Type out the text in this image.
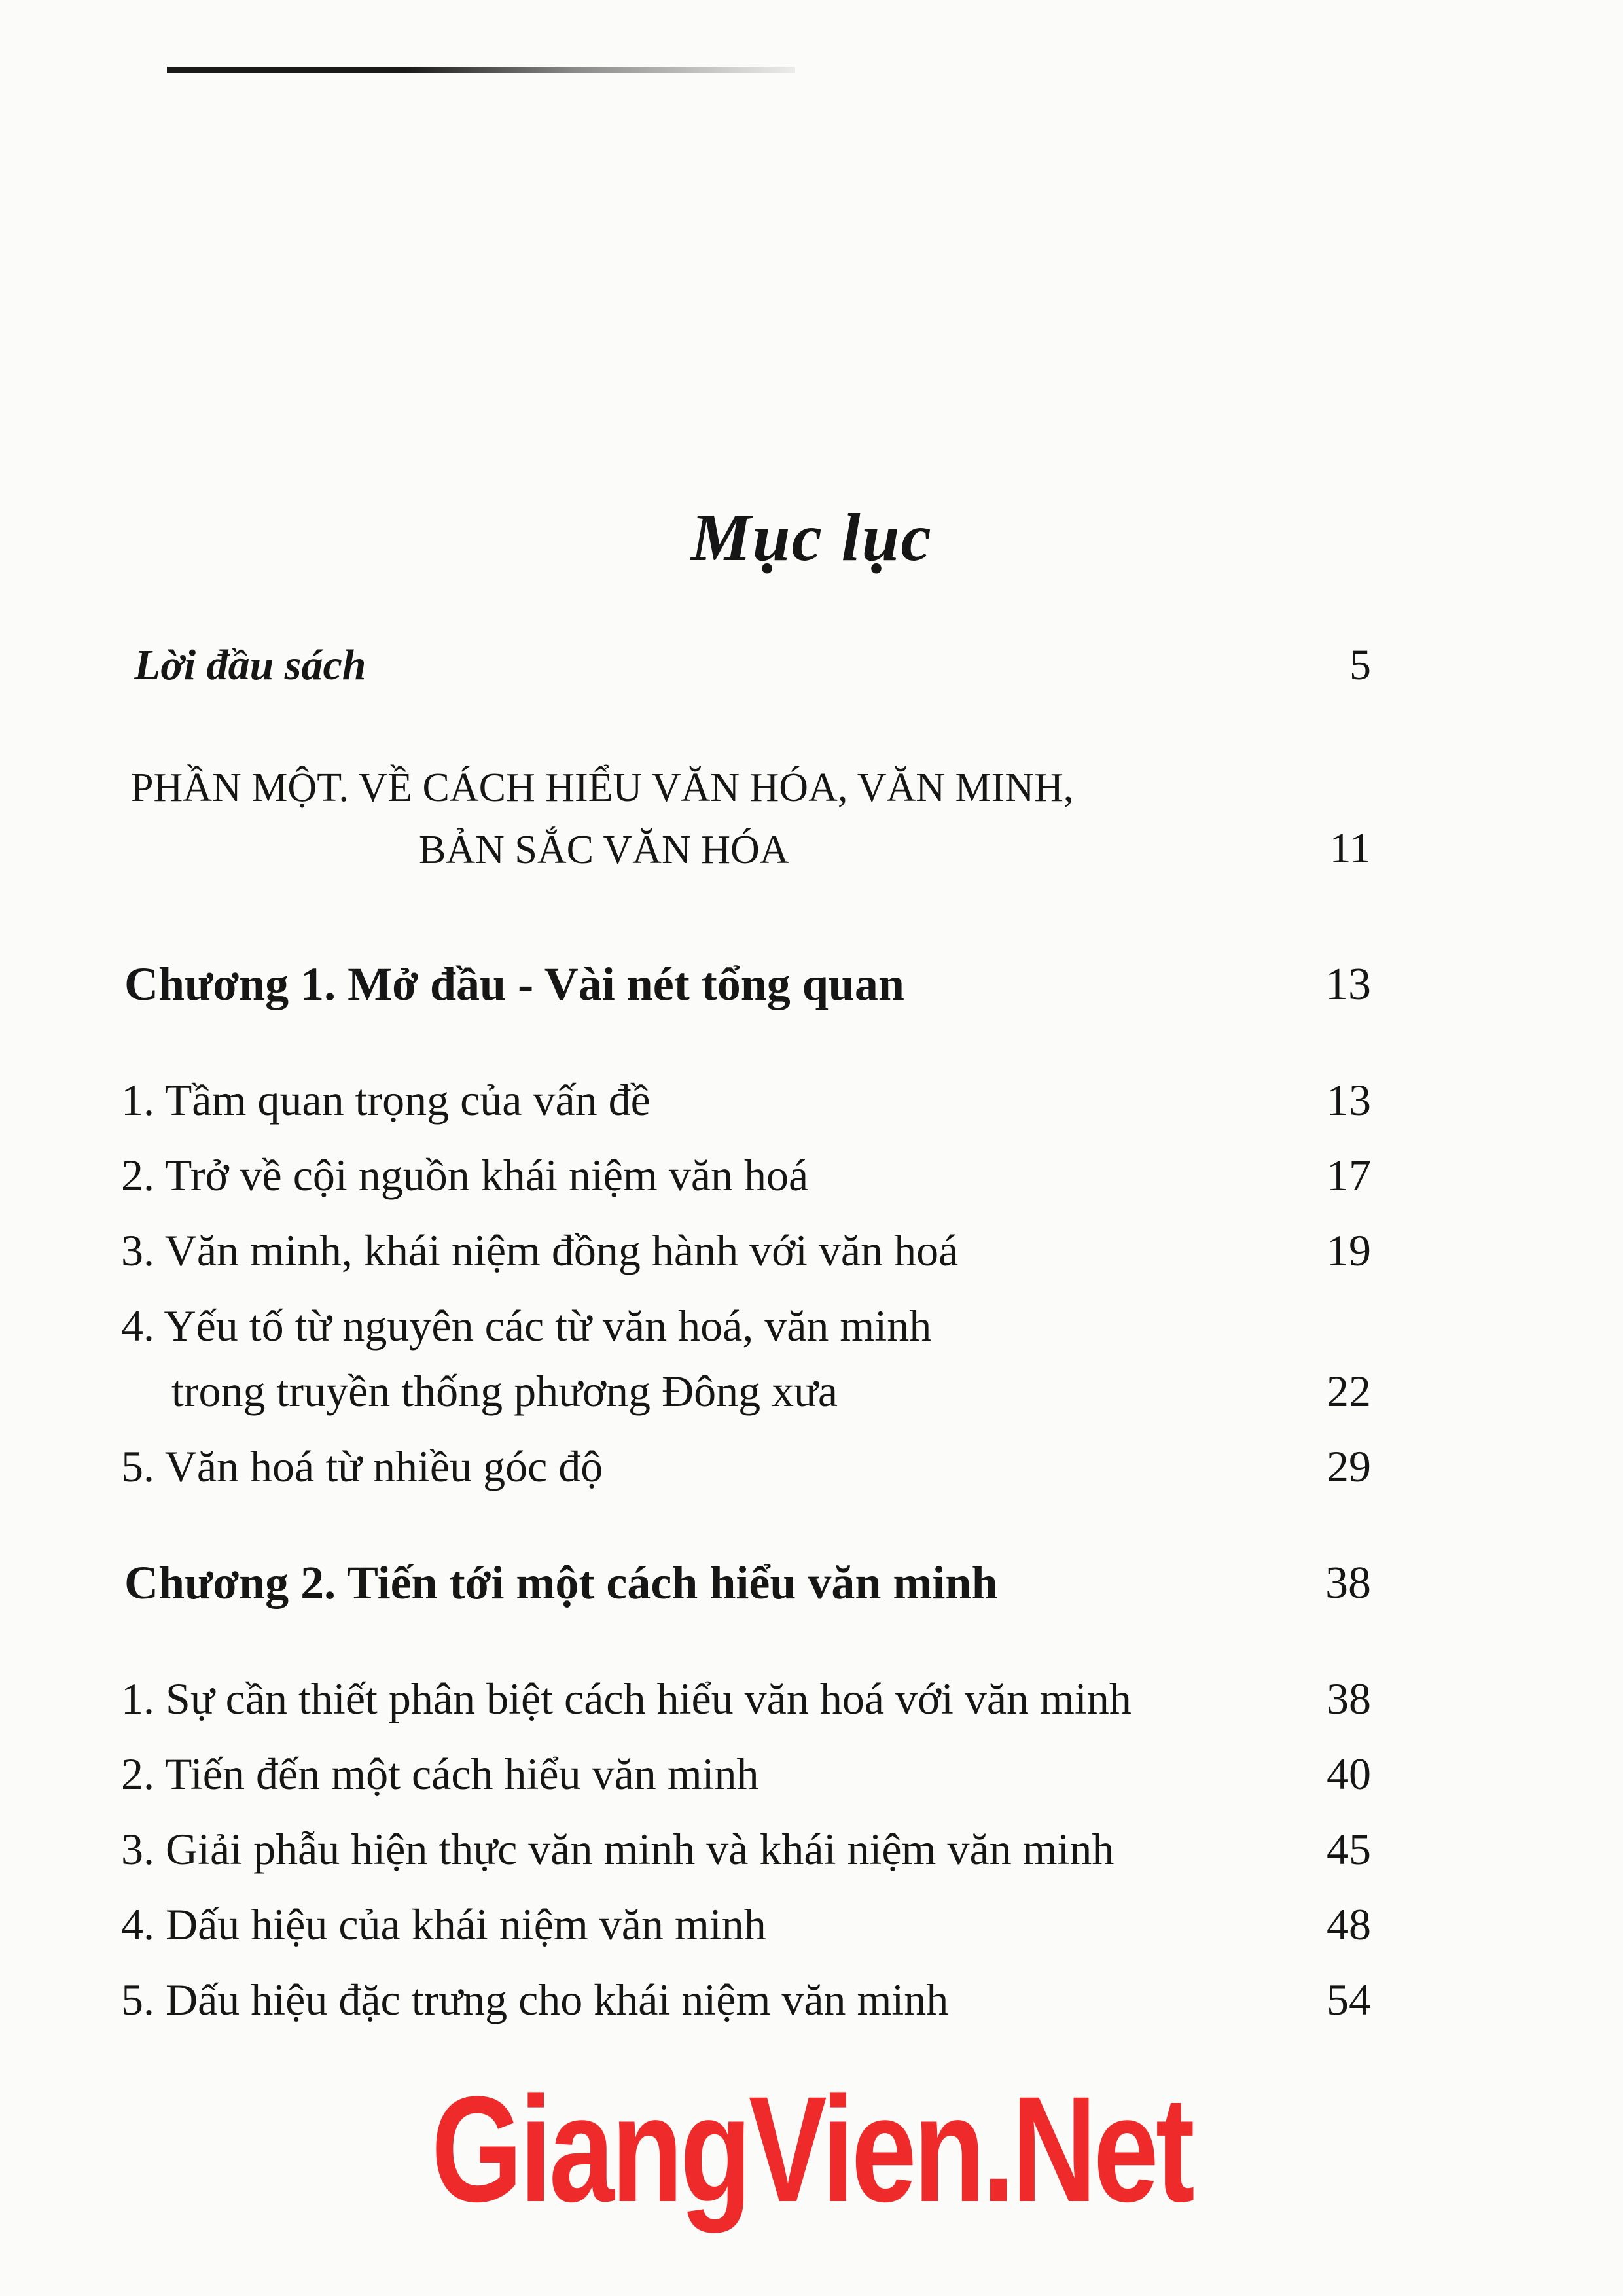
Mục lục
Lời đầu sách	5
PHẦN MỘT. VỀ CÁCH HIỂU VĂN HÓA, VĂN MINH,
BẢN SẮC VĂN HÓA	11
Chương 1. Mở đầu - Vài nét tổng quan	13
1. Tầm quan trọng của vấn đề	13
2. Trở về cội nguồn khái niệm văn hoá	17
3. Văn minh, khái niệm đồng hành với văn hoá	19
4. Yếu tố từ nguyên các từ văn hoá, văn minh
trong truyền thống phương Đông xưa	22
5. Văn hoá từ nhiều góc độ	29
Chương 2. Tiến tới một cách hiểu văn minh	38
1. Sự cần thiết phân biệt cách hiểu văn hoá với văn minh	38
2. Tiến đến một cách hiểu văn minh	40
3. Giải phẫu hiện thực văn minh và khái niệm văn minh	45
4. Dấu hiệu của khái niệm văn minh	48
5. Dấu hiệu đặc trưng cho khái niệm văn minh	54
GiangVien.Net
